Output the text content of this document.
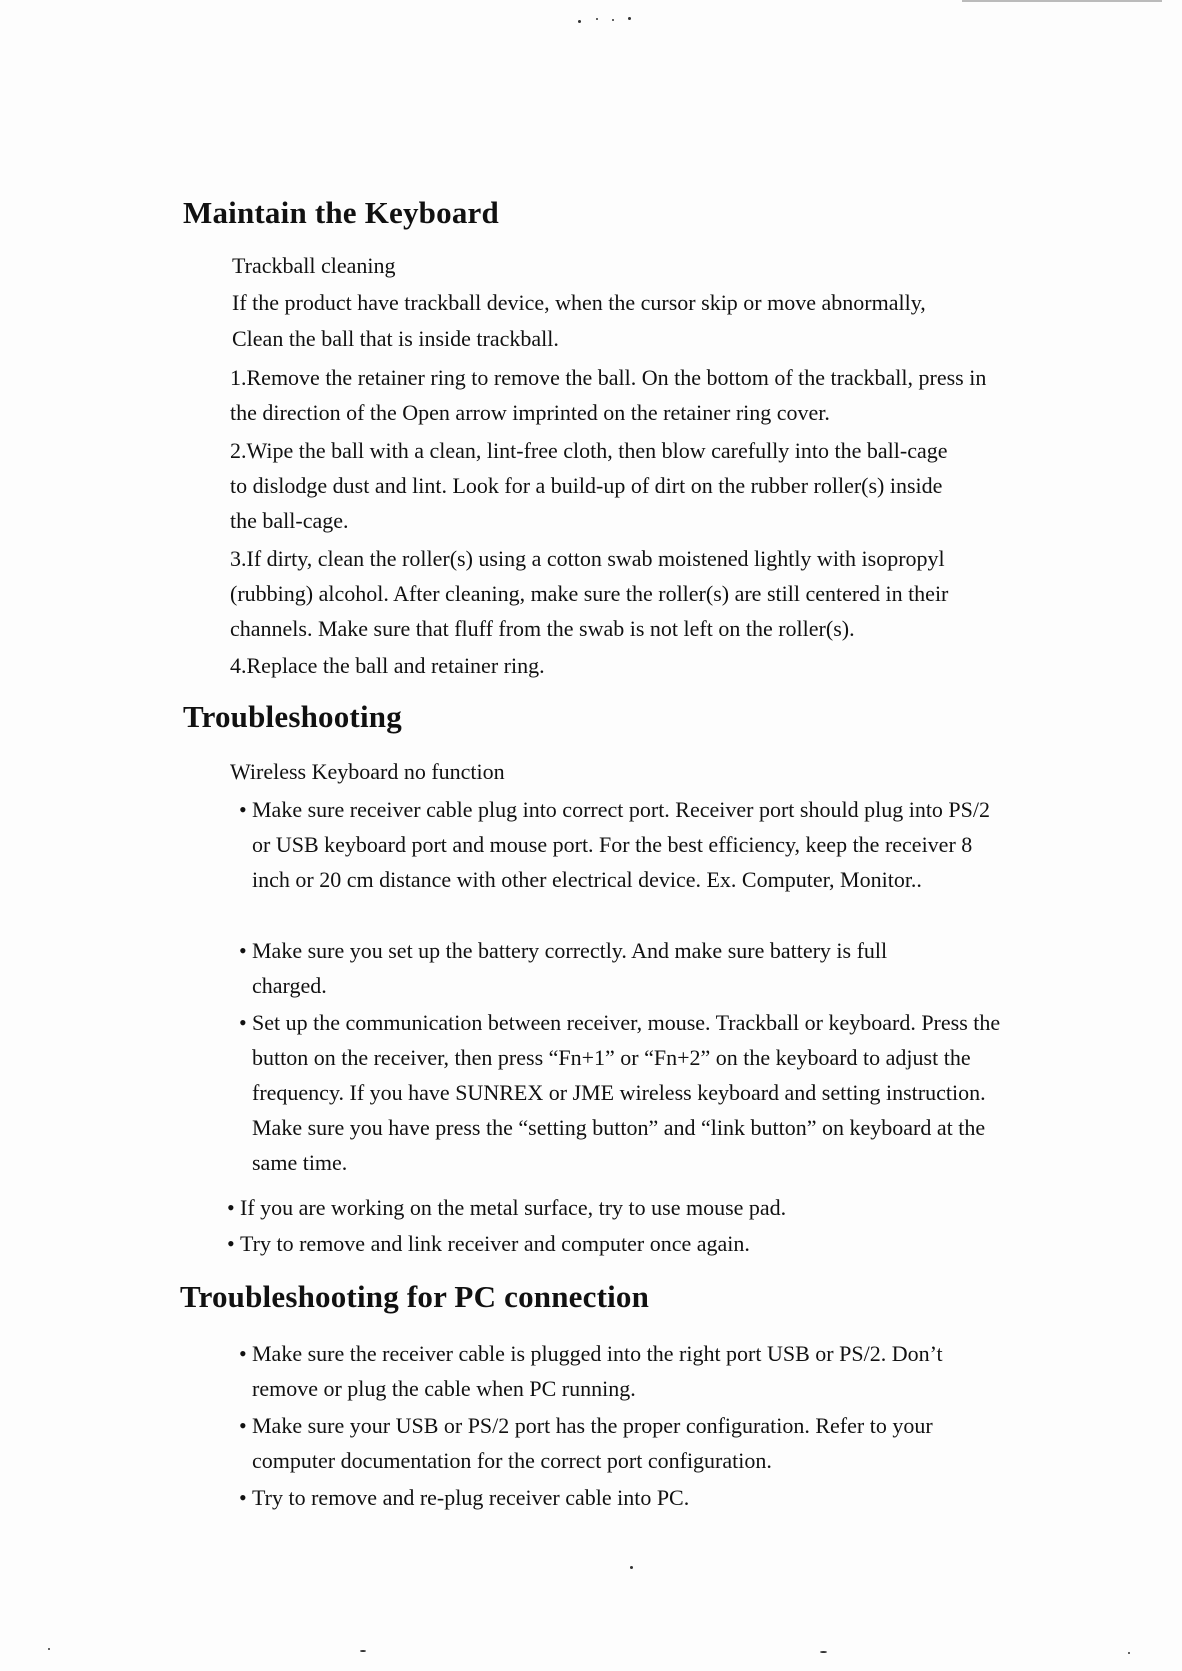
Maintain the Keyboard
Trackball cleaning
If the product have trackball device, when the cursor skip or move abnormally,
Clean the ball that is inside trackball.
1.Remove the retainer ring to remove the ball. On the bottom of the trackball, press in the direction of the Open arrow imprinted on the retainer ring cover.
2.Wipe the ball with a clean, lint-free cloth, then blow carefully into the ball-cage to dislodge dust and lint. Look for a build-up of dirt on the rubber roller(s) inside the ball-cage.
3.If dirty, clean the roller(s) using a cotton swab moistened lightly with isopropyl (rubbing) alcohol. After cleaning, make sure the roller(s) are still centered in their channels. Make sure that fluff from the swab is not left on the roller(s).
4.Replace the ball and retainer ring.
Troubleshooting
Wireless Keyboard no function
• Make sure receiver cable plug into correct port. Receiver port should plug into PS/2 or USB keyboard port and mouse port. For the best efficiency, keep the receiver 8 inch or 20 cm distance with other electrical device. Ex. Computer, Monitor..
• Make sure you set up the battery correctly. And make sure battery is full charged.
• Set up the communication between receiver, mouse. Trackball or keyboard. Press the button on the receiver, then press “Fn+1” or “Fn+2” on the keyboard to adjust the frequency. If you have SUNREX or JME wireless keyboard and setting instruction. Make sure you have press the “setting button” and “link button” on keyboard at the same time.
• If you are working on the metal surface, try to use mouse pad.
• Try to remove and link receiver and computer once again.
Troubleshooting for PC connection
• Make sure the receiver cable is plugged into the right port USB or PS/2. Don’t remove or plug the cable when PC running.
• Make sure your USB or PS/2 port has the proper configuration. Refer to your computer documentation for the correct port configuration.
• Try to remove and re-plug receiver cable into PC.
